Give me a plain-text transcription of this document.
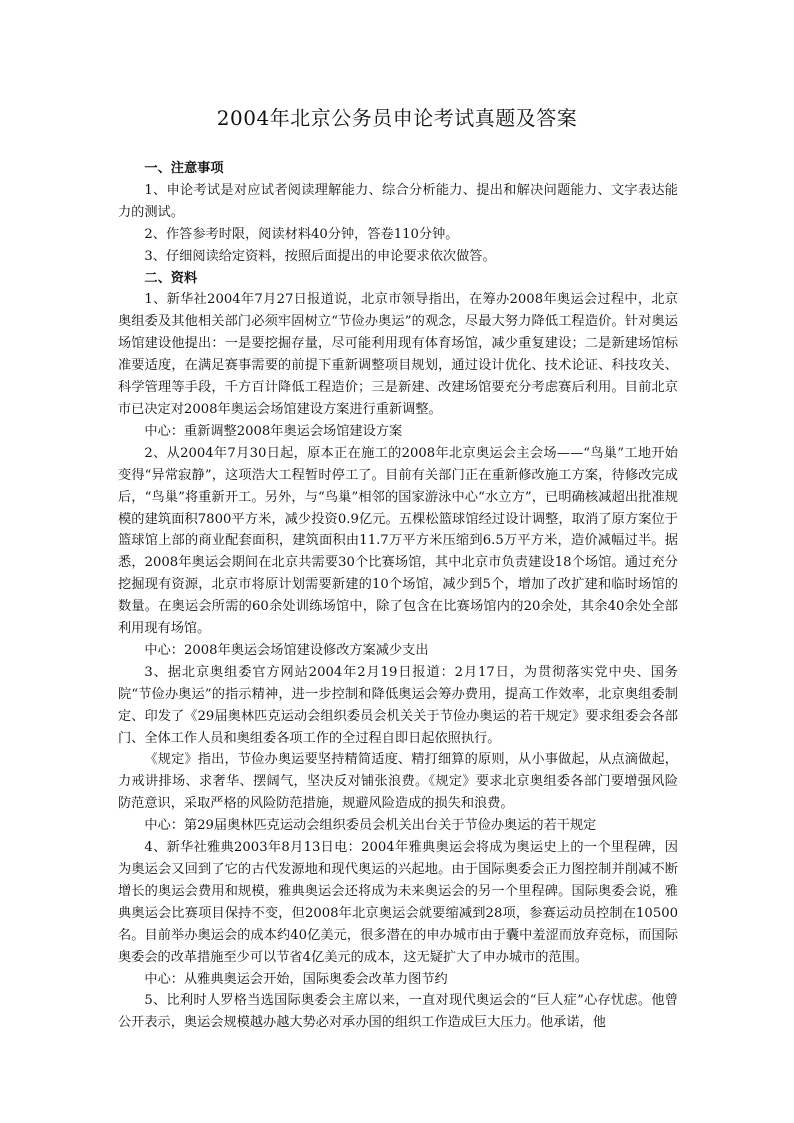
2004年北京公务员申论考试真题及答案

一、注意事项

1、申论考试是对应试者阅读理解能力、综合分析能力、提出和解决问题能力、文字表达能力的测试。

2、作答参考时限，阅读材料40分钟，答卷110分钟。

3、仔细阅读给定资料，按照后面提出的申论要求依次做答。

二、资料

1、新华社2004年7月27日报道说，北京市领导指出，在筹办2008年奥运会过程中，北京奥组委及其他相关部门必须牢固树立“节俭办奥运”的观念，尽最大努力降低工程造价。针对奥运场馆建设他提出：一是要挖掘存量，尽可能利用现有体育场馆，减少重复建设；二是新建场馆标准要适度，在满足赛事需要的前提下重新调整项目规划，通过设计优化、技术论证、科技攻关、科学管理等手段，千方百计降低工程造价；三是新建、改建场馆要充分考虑赛后利用。目前北京市已决定对2008年奥运会场馆建设方案进行重新调整。

中心：重新调整2008年奥运会场馆建设方案

2、从2004年7月30日起，原本正在施工的2008年北京奥运会主会场——“鸟巢”工地开始变得“异常寂静”，这项浩大工程暂时停工了。目前有关部门正在重新修改施工方案，待修改完成后，“鸟巢”将重新开工。另外，与“鸟巢”相邻的国家游泳中心“水立方”，已明确核减超出批准规模的建筑面积7800平方米，减少投资0.9亿元。五棵松篮球馆经过设计调整，取消了原方案位于篮球馆上部的商业配套面积，建筑面积由11.7万平方米压缩到6.5万平方米，造价减幅过半。据悉，2008年奥运会期间在北京共需要30个比赛场馆，其中北京市负责建设18个场馆。通过充分挖掘现有资源，北京市将原计划需要新建的10个场馆，减少到5个，增加了改扩建和临时场馆的数量。在奥运会所需的60余处训练场馆中，除了包含在比赛场馆内的20余处，其余40余处全部利用现有场馆。

中心：2008年奥运会场馆建设修改方案减少支出

3、据北京奥组委官方网站2004年2月19日报道：2月17日，为贯彻落实党中央、国务院“节俭办奥运”的指示精神，进一步控制和降低奥运会筹办费用，提高工作效率，北京奥组委制定、印发了《29届奥林匹克运动会组织委员会机关关于节俭办奥运的若干规定》要求组委会各部门、全体工作人员和奥组委各项工作的全过程自即日起依照执行。

《规定》指出，节俭办奥运要坚持精简适度、精打细算的原则，从小事做起，从点滴做起，力戒讲排场、求奢华、摆阔气，坚决反对铺张浪费。《规定》要求北京奥组委各部门要增强风险防范意识，采取严格的风险防范措施，规避风险造成的损失和浪费。

中心：第29届奥林匹克运动会组织委员会机关出台关于节俭办奥运的若干规定

4、新华社雅典2003年8月13日电：2004年雅典奥运会将成为奥运史上的一个里程碑，因为奥运会又回到了它的古代发源地和现代奥运的兴起地。由于国际奥委会正力图控制并削减不断增长的奥运会费用和规模，雅典奥运会还将成为未来奥运会的另一个里程碑。国际奥委会说，雅典奥运会比赛项目保持不变，但2008年北京奥运会就要缩减到28项，参赛运动员控制在10500名。目前举办奥运会的成本约40亿美元，很多潜在的申办城市由于囊中羞涩而放弃竞标，而国际奥委会的改革措施至少可以节省4亿美元的成本，这无疑扩大了申办城市的范围。

中心：从雅典奥运会开始，国际奥委会改革力图节约

5、比利时人罗格当选国际奥委会主席以来，一直对现代奥运会的“巨人症”心存忧虑。他曾公开表示，奥运会规模越办越大势必对承办国的组织工作造成巨大压力。他承诺，他
